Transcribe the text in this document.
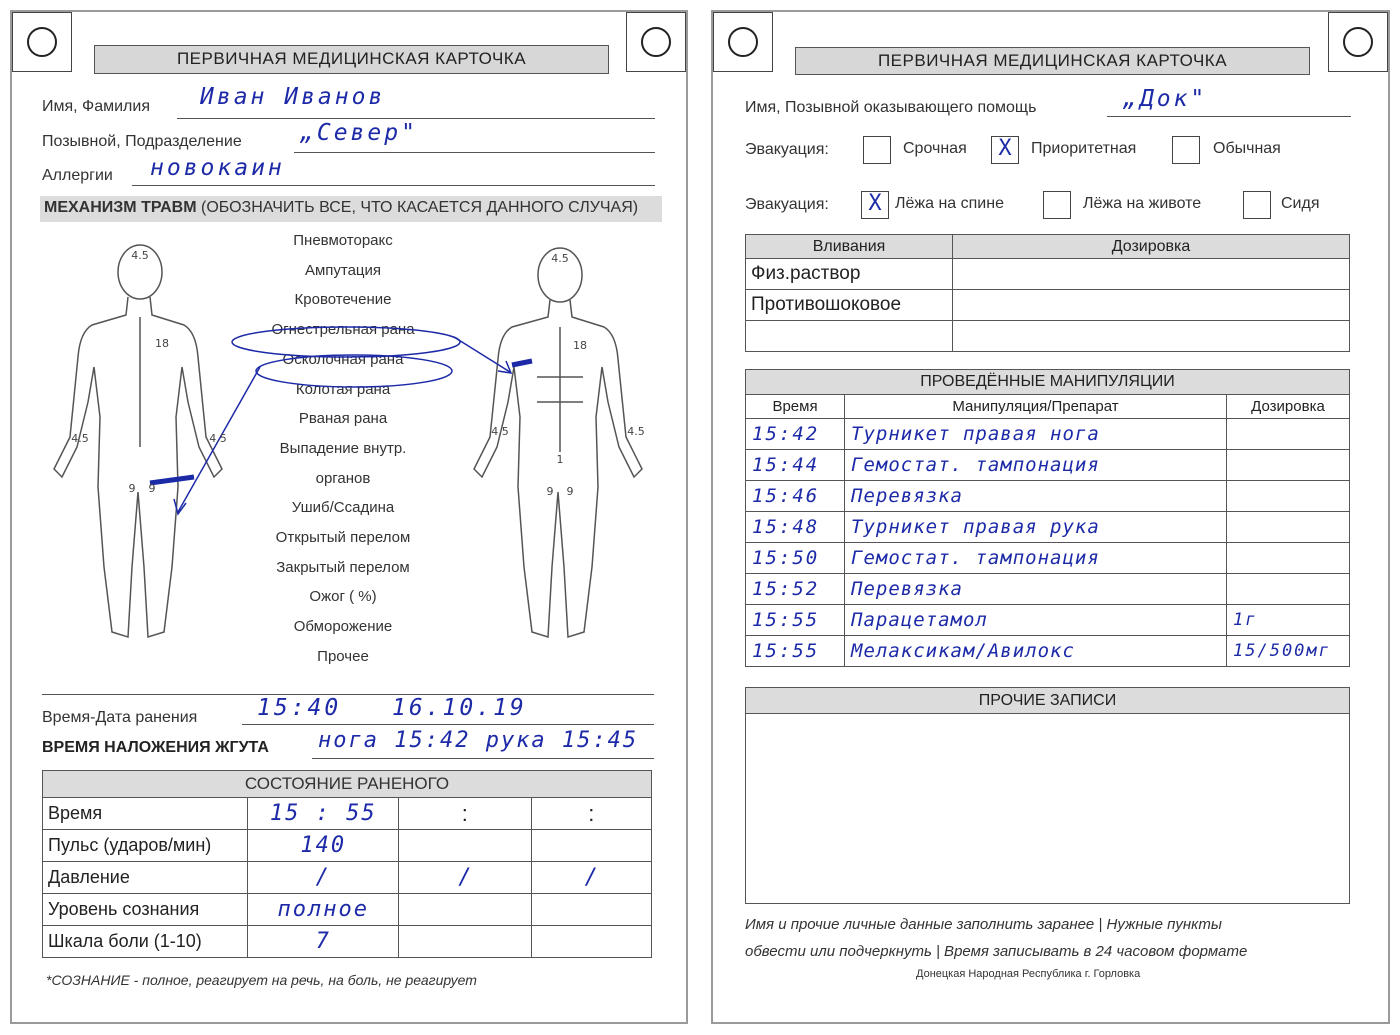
ПЕРВИЧНАЯ МЕДИЦИНСКАЯ КАРТОЧКА
Имя, Фамилия Иван Иванов
Позывной, Подразделение	„Север"
Аллергии новокаин
МЕХАНИЗМ ТРАВМ (ОБОЗНАЧИТЬ ВСЕ, ЧТО КАСАЕТСЯ ДАННОГО СЛУЧАЯ)
Пневмоторакс
Ампутация
Кровотечение
Огнестрельная рана
Осколочная рана
Колотая рана
Рваная рана
Выпадение внутр.
органов
Ушиб/Ссадина
Открытый перелом
Закрытый перелом
Ожог ( %)
Обморожение
Прочее
4.5
18
4.5	4.5
9 9
4.5
18
4.5	4.5
1
9 9
Время-Дата ранения	15:40 16.10.19
ВРЕМЯ НАЛОЖЕНИЯ ЖГУТА нога 15:42 рука 15:45
СОСТОЯНИЕ РАНЕНОГО			
Время	15 : 55	:	:
Пульс (ударов/мин)	140		
Давление	/	/	/
Уровень сознания	полное		
Шкала боли (1-10)	7		
*СОЗНАНИЕ - полное, реагирует на речь, на боль, не реагирует
ПЕРВИЧНАЯ МЕДИЦИНСКАЯ КАРТОЧКА
Имя, Позывной оказывающего помощь	„Док"
Эвакуация:	Срочная	X	Приоритетная	Обычная
Эвакуация:	X Лёжа на спине	Лёжа на животе	Сидя
Вливания	Дозировка
Физ.раствор	
Противошоковое	

ПРОВЕДЁННЫЕ МАНИПУЛЯЦИИ		
Время	Манипуляция/Препарат	Дозировка
15:42	Турникет правая нога	
15:44	Гемостат. тампонация	
15:46	Перевязка	
15:48	Турникет правая рука	
15:50	Гемостат. тампонация	
15:52	Перевязка	
15:55	Парацетамол	1г
15:55	Мелаксикам/Авилокс	15/500мг
ПРОЧИЕ ЗАПИСИ

Имя и прочие личные данные заполнить заранее | Нужные пункты
обвести или подчеркнуть | Время записывать в 24 часовом формате
Донецкая Народная Республика г. Горловка
